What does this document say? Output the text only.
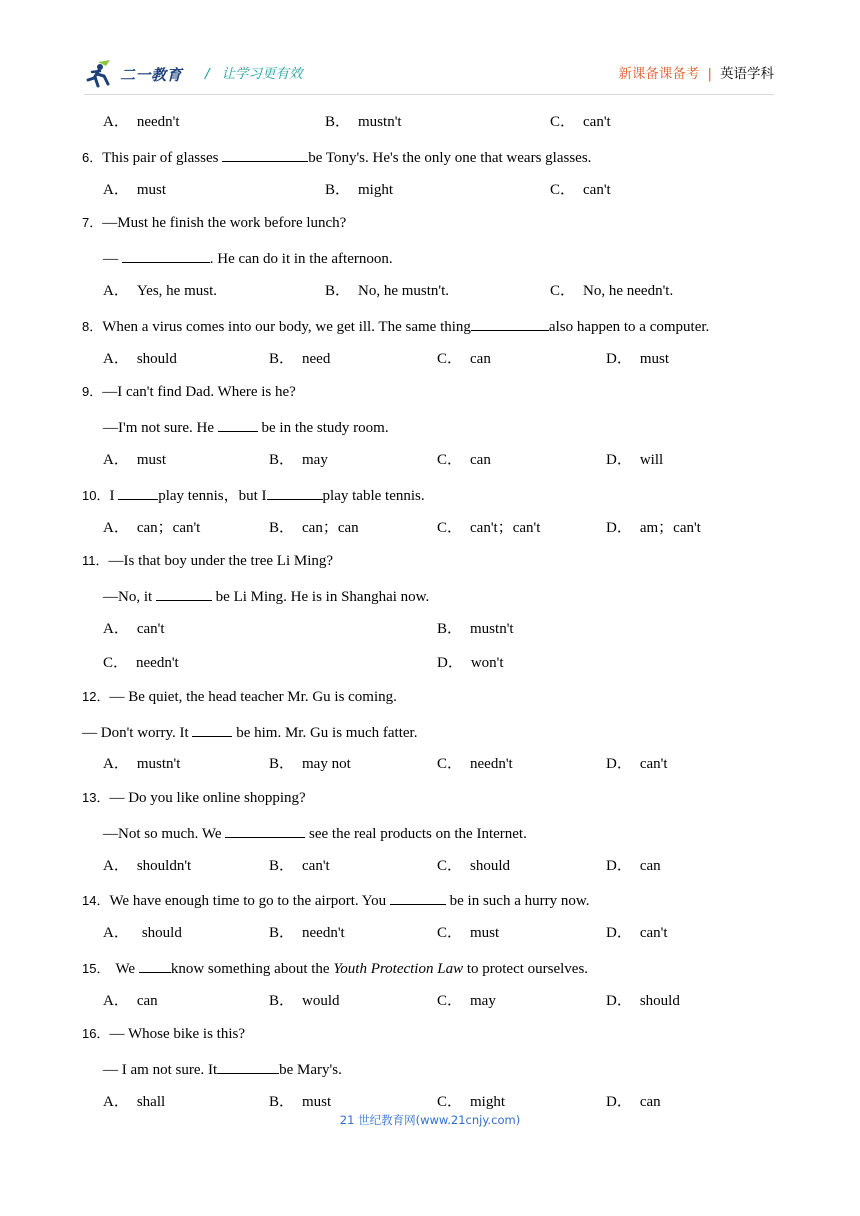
二一教育 / 让学习更有效	新课备课备考 | 英语学科
A． needn't	B． mustn't	C． can't
6．This pair of glasses	be Tony's. He's the only one that wears glasses.
A． must	B． might	C． can't
7．—Must he finish the work before lunch?
—	. He can do it in the afternoon.
A． Yes, he must.	B． No, he mustn't.	C． No, he needn't.
8．When a virus comes into our body, we get ill. The same thing	also happen to a computer.
A． should	B． need	C． can	D． must
9．—I can't find Dad. Where is he?
—I'm not sure. He	be in the study room.
A． must	B． may	C． can	D． will
10．I	play tennis，but I	play table tennis.
A． can；can't	B． can；can	C． can't；can't	D． am；can't
11．—Is that boy under the tree Li Ming?
—No, it	be Li Ming. He is in Shanghai now.
A． can't	B． mustn't
C． needn't	D． won't
12．— Be quiet, the head teacher Mr. Gu is coming.
— Don't worry. It	be him. Mr. Gu is much fatter.
A． mustn't	B． may not	C． needn't	D． can't
13．— Do you like online shopping?
—Not so much. We	see the real products on the Internet.
A． shouldn't	B． can't	C． should	D． can
14．We have enough time to go to the airport. You	be in such a hurry now.
A． should	B． needn't	C． must	D． can't
15． We know something about the Youth Protection Law to protect ourselves.
A． can	B． would	C． may	D． should
16．— Whose bike is this?
— I am not sure. It	be Mary's.
A． shall	B． must	C． might	D． can
21 世纪教育网(www.21cnjy.com)
